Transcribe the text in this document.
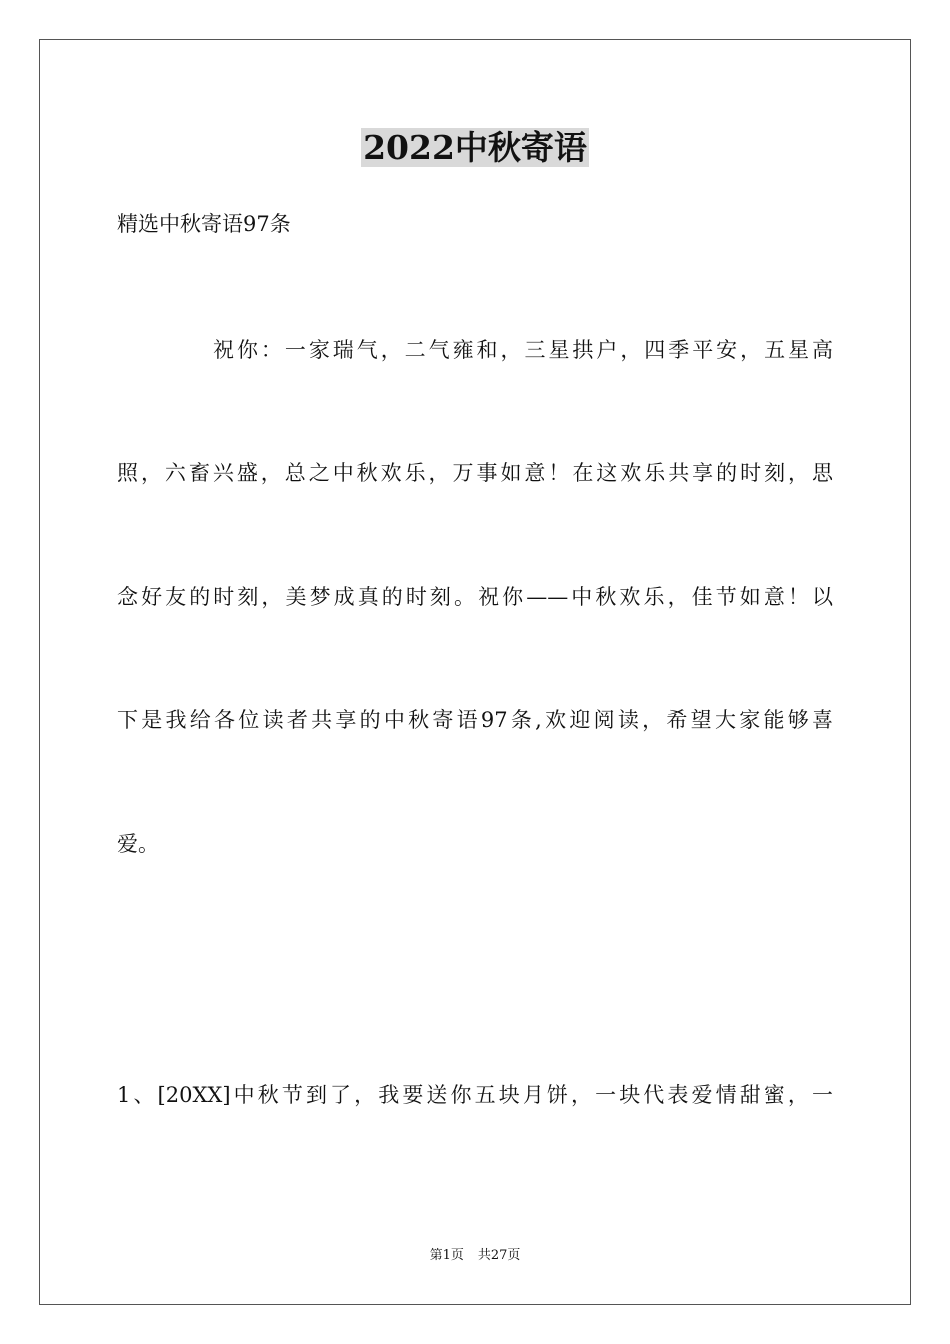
2022中秋寄语

精选中秋寄语97条

祝你：一家瑞气，二气雍和，三星拱户，四季平安，五星高

照，六畜兴盛，总之中秋欢乐，万事如意！在这欢乐共享的时刻，思

念好友的时刻，美梦成真的时刻。祝你——中秋欢乐，佳节如意！以

下是我给各位读者共享的中秋寄语97条,欢迎阅读，希望大家能够喜

爱。

1、[20XX]中秋节到了，我要送你五块月饼，一块代表爱情甜蜜，一

第1页 共27页
